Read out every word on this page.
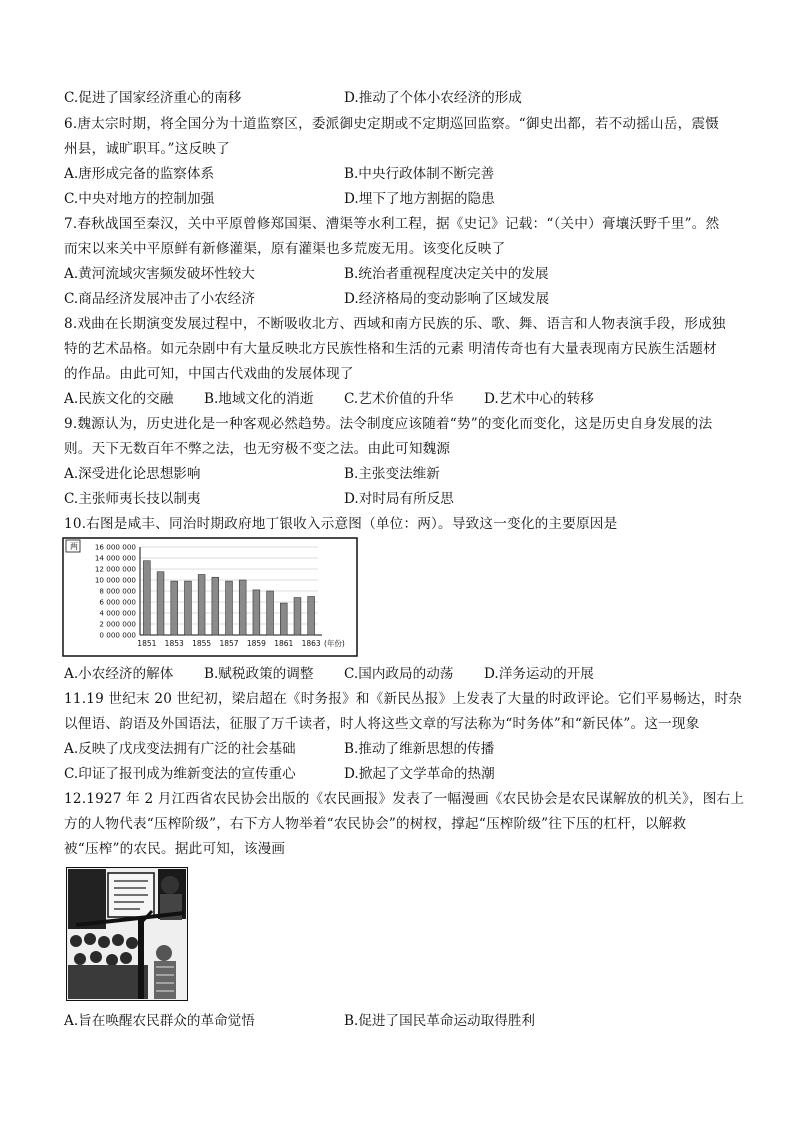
C.促进了国家经济重心的南移	D.推动了个体小农经济的形成
6.唐太宗时期，将全国分为十道监察区，委派御史定期或不定期巡回监察。“御史出都，若不动摇山岳，震慑
州县，诚旷职耳。”这反映了
A.唐形成完备的监察体系	B.中央行政体制不断完善
C.中央对地方的控制加强	D.埋下了地方割据的隐患
7.春秋战国至秦汉，关中平原曾修郑国渠、漕渠等水利工程，据《史记》记载：“（关中）膏壤沃野千里”。然
而宋以来关中平原鲜有新修灌渠，原有灌渠也多荒废无用。该变化反映了
A.黄河流域灾害频发破坏性较大	B.统治者重视程度决定关中的发展
C.商品经济发展冲击了小农经济	D.经济格局的变动影响了区域发展
8.戏曲在长期演变发展过程中，不断吸收北方、西域和南方民族的乐、歌、舞、语言和人物表演手段，形成独
特的艺术品格。如元杂剧中有大量反映北方民族性格和生活的元素 明清传奇也有大量表现南方民族生活题材
的作品。由此可知，中国古代戏曲的发展体现了
A.民族文化的交融 B.地域文化的消逝 C.艺术价值的升华 D.艺术中心的转移
9.魏源认为，历史进化是一种客观必然趋势。法令制度应该随着“势”的变化而变化，这是历史自身发展的法
则。天下无数百年不弊之法，也无穷极不变之法。由此可知魏源
A.深受进化论思想影响	B.主张变法维新
C.主张师夷长技以制夷	D.对时局有所反思
10.右图是咸丰、同治时期政府地丁银收入示意图（单位：两）。导致这一变化的主要原因是
两 16 000 000
14 000 000
12 000 000
10 000 000
8 000 000
6 000 000
4 000 000
2 000 000
0 000 000
1851 1853 1855 1857 1859 1861 1863 (年份)
A.小农经济的解体 B.赋税政策的调整 C.国内政局的动荡 D.洋务运动的开展
11.19 世纪末 20 世纪初，梁启超在《时务报》和《新民丛报》上发表了大量的时政评论。它们平易畅达，时杂
以俚语、韵语及外国语法，征服了万千读者，时人将这些文章的写法称为“时务体”和“新民体”。这一现象
A.反映了戊戌变法拥有广泛的社会基础	B.推动了维新思想的传播
C.印证了报刊成为维新变法的宣传重心	D.掀起了文学革命的热潮
12.1927 年 2 月江西省农民协会出版的《农民画报》发表了一幅漫画《农民协会是农民谋解放的机关》，图右上
方的人物代表“压榨阶级”，右下方人物举着“农民协会”的树杈，撑起“压榨阶级”往下压的杠杆，以解救
被“压榨”的农民。据此可知，该漫画
A.旨在唤醒农民群众的革命觉悟	B.促进了国民革命运动取得胜利
